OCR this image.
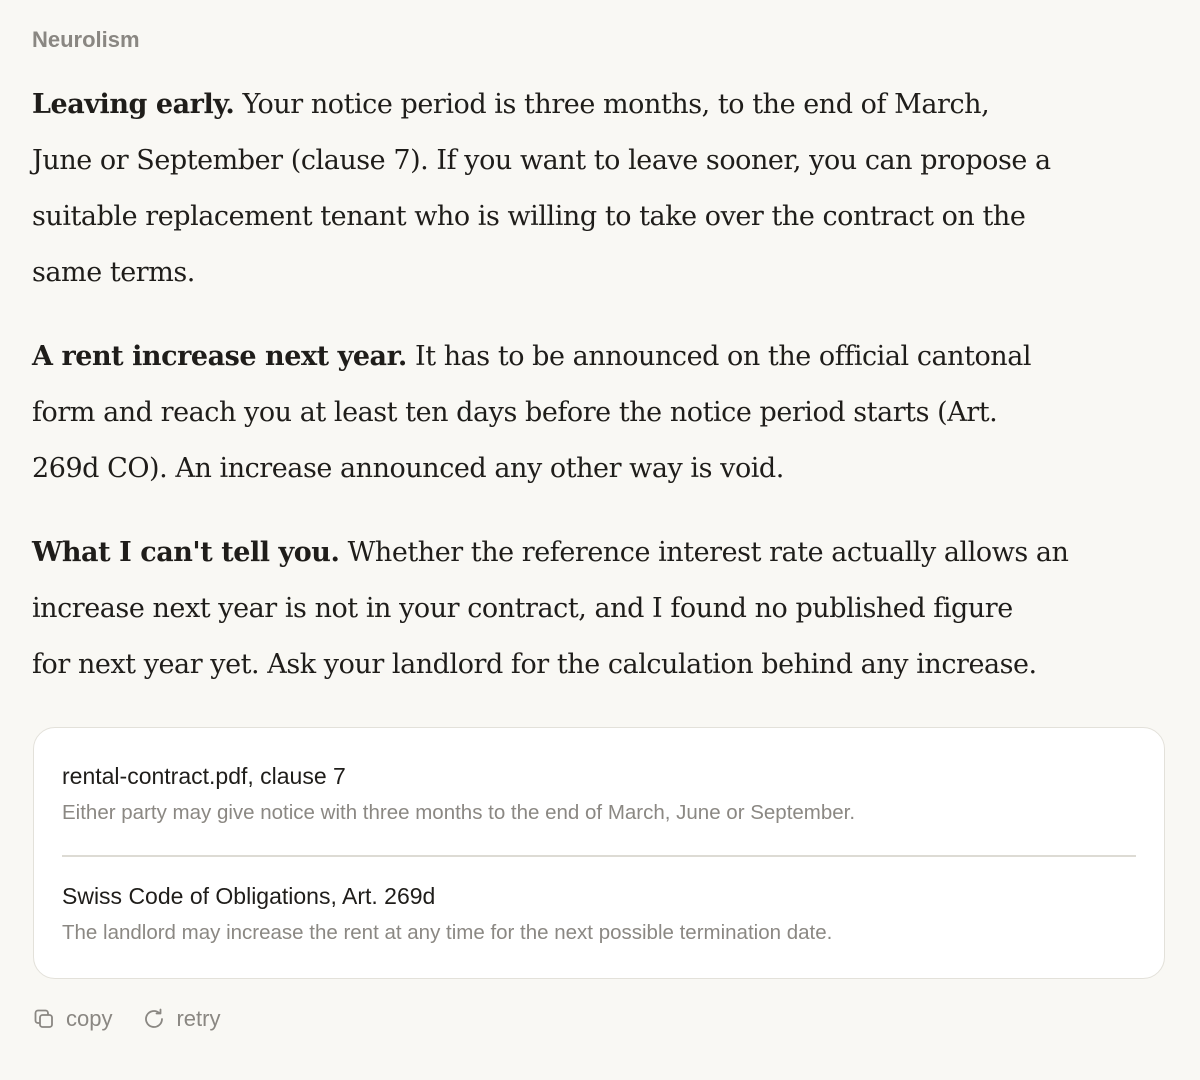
Neurolism

Leaving early. Your notice period is three months, to the end of March,
June or September (clause 7). If you want to leave sooner, you can propose a
suitable replacement tenant who is willing to take over the contract on the
same terms.

A rent increase next year. It has to be announced on the official cantonal
form and reach you at least ten days before the notice period starts (Art.
269d CO). An increase announced any other way is void.

What I can't tell you. Whether the reference interest rate actually allows an
increase next year is not in your contract, and I found no published figure
for next year yet. Ask your landlord for the calculation behind any increase.

rental-contract.pdf, clause 7
Either party may give notice with three months to the end of March, June or September.
Swiss Code of Obligations, Art. 269d
The landlord may increase the rent at any time for the next possible termination date.
copy	retry
